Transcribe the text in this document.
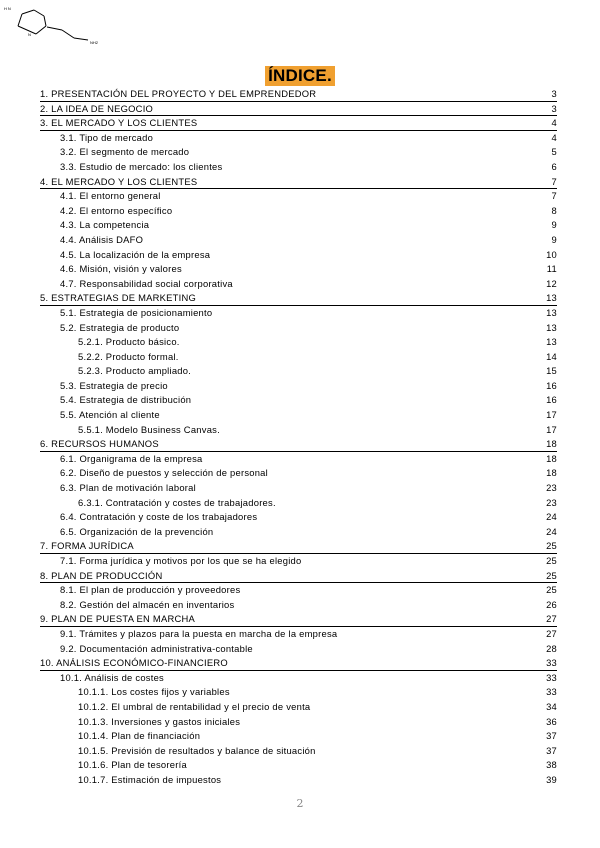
HN
N
NH2
ÍNDICE.
1. PRESENTACIÓN DEL PROYECTO Y DEL EMPRENDEDOR	3
2. LA IDEA DE NEGOCIO	3
3. EL MERCADO Y LOS CLIENTES	4
3.1. Tipo de mercado	4
3.2. El segmento de mercado	5
3.3. Estudio de mercado: los clientes	6
4. EL MERCADO Y LOS CLIENTES	7
4.1. El entorno general	7
4.2. El entorno específico	8
4.3. La competencia	9
4.4. Análisis DAFO	9
4.5. La localización de la empresa	10
4.6. Misión, visión y valores	11
4.7. Responsabilidad social corporativa	12
5. ESTRATEGIAS DE MARKETING	13
5.1. Estrategia de posicionamiento	13
5.2. Estrategia de producto	13
5.2.1. Producto básico.	13
5.2.2. Producto formal.	14
5.2.3. Producto ampliado.	15
5.3. Estrategia de precio	16
5.4. Estrategia de distribución	16
5.5. Atención al cliente	17
5.5.1. Modelo Business Canvas.	17
6. RECURSOS HUMANOS	18
6.1. Organigrama de la empresa	18
6.2. Diseño de puestos y selección de personal	18
6.3. Plan de motivación laboral	23
6.3.1. Contratación y costes de trabajadores.	23
6.4. Contratación y coste de los trabajadores	24
6.5. Organización de la prevención	24
7. FORMA JURÍDICA	25
7.1. Forma jurídica y motivos por los que se ha elegido	25
8. PLAN DE PRODUCCIÓN	25
8.1. El plan de producción y proveedores	25
8.2. Gestión del almacén en inventarios	26
9. PLAN DE PUESTA EN MARCHA	27
9.1. Trámites y plazos para la puesta en marcha de la empresa	27
9.2. Documentación administrativa-contable	28
10. ANÁLISIS ECONÓMICO-FINANCIERO	33
10.1. Análisis de costes	33
10.1.1. Los costes fijos y variables	33
10.1.2. El umbral de rentabilidad y el precio de venta	34
10.1.3. Inversiones y gastos iniciales	36
10.1.4. Plan de financiación	37
10.1.5. Previsión de resultados y balance de situación	37
10.1.6. Plan de tesorería	38
10.1.7. Estimación de impuestos	39
2
